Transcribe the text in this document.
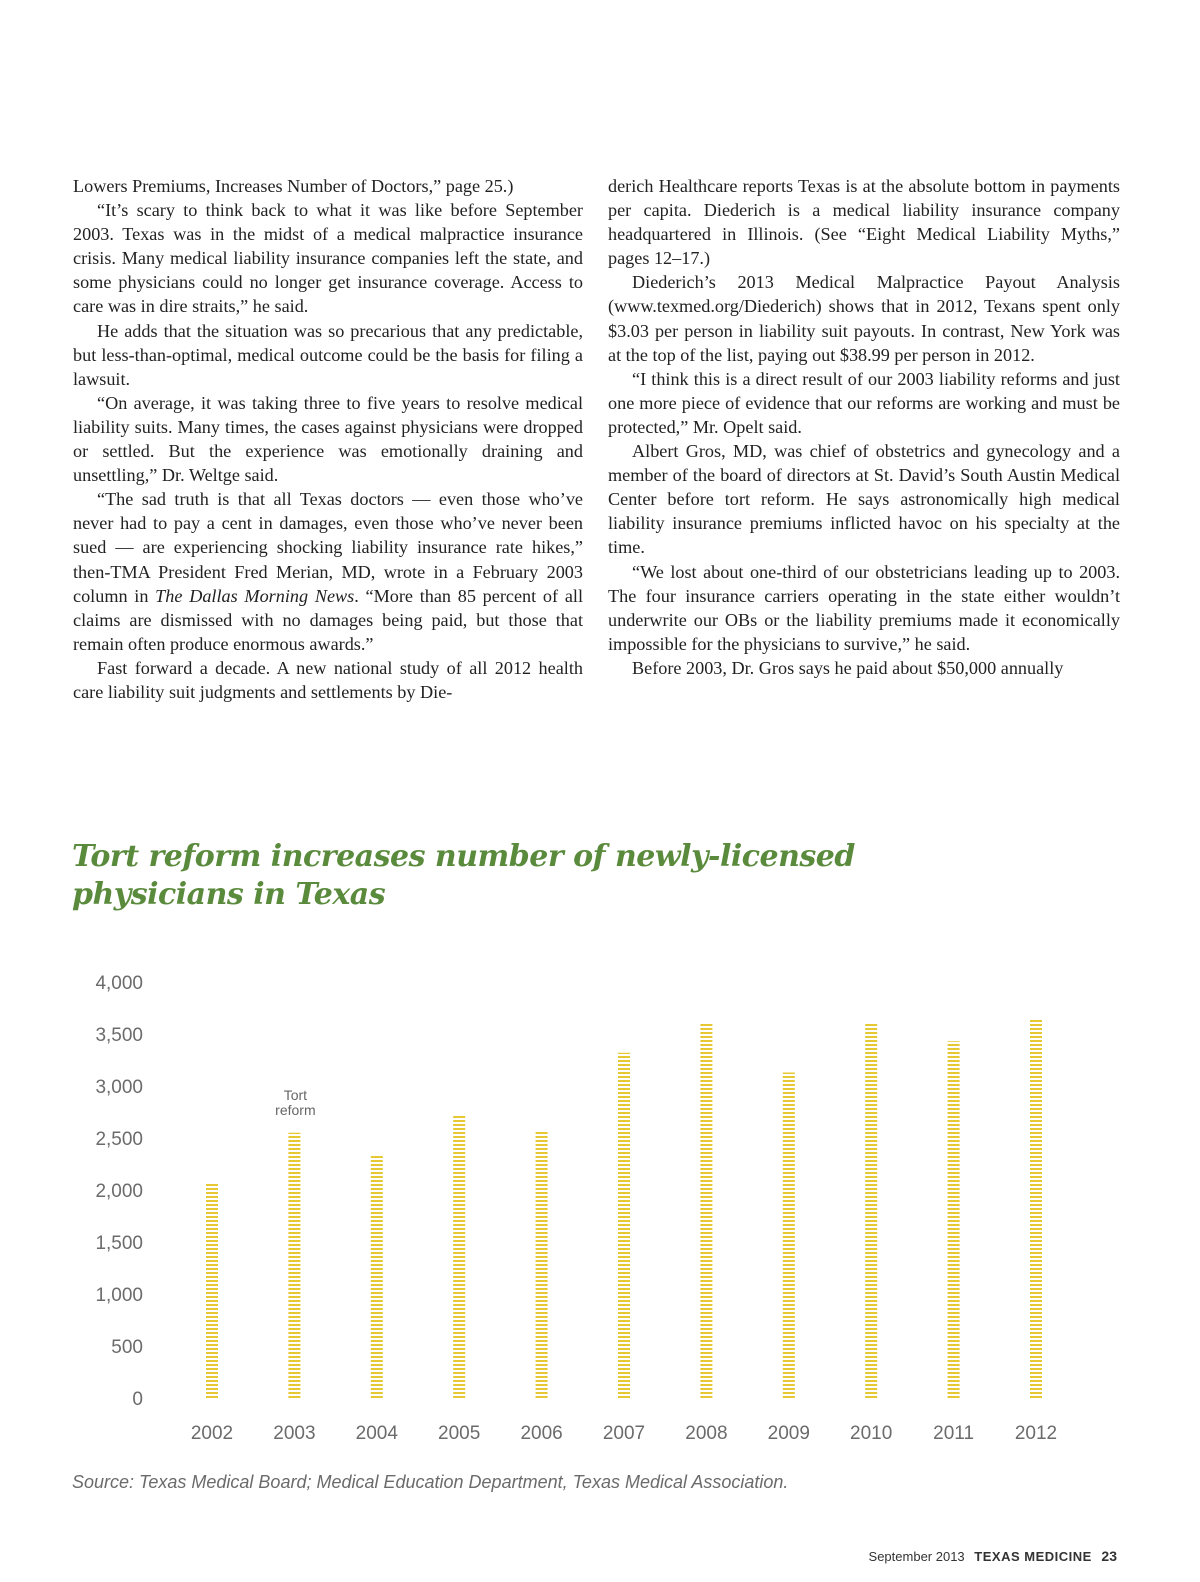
Lowers Premiums, Increases Number of Doctors,” page 25.)

“It’s scary to think back to what it was like before September 2003. Texas was in the midst of a medical malpractice insurance crisis. Many medical liability insurance companies left the state, and some physicians could no longer get insurance coverage. Access to care was in dire straits,” he said.

He adds that the situation was so precarious that any predictable, but less-than-optimal, medical outcome could be the basis for filing a lawsuit.

“On average, it was taking three to five years to resolve medical liability suits. Many times, the cases against physicians were dropped or settled. But the experience was emotionally draining and unsettling,” Dr. Weltge said.

“The sad truth is that all Texas doctors — even those who’ve never had to pay a cent in damages, even those who’ve never been sued — are experiencing shocking liability insurance rate hikes,” then-TMA President Fred Merian, MD, wrote in a February 2003 column in The Dallas Morning News. “More than 85 percent of all claims are dismissed with no damages being paid, but those that remain often produce enormous awards.”

Fast forward a decade. A new national study of all 2012 health care liability suit judgments and settlements by Die-

derich Healthcare reports Texas is at the absolute bottom in payments per capita. Diederich is a medical liability insurance company headquartered in Illinois. (See “Eight Medical Liability Myths,” pages 12–17.)

Diederich’s 2013 Medical Malpractice Payout Analysis (www.texmed.org/Diederich) shows that in 2012, Texans spent only $3.03 per person in liability suit payouts. In contrast, New York was at the top of the list, paying out $38.99 per person in 2012.

“I think this is a direct result of our 2003 liability reforms and just one more piece of evidence that our reforms are working and must be protected,” Mr. Opelt said.

Albert Gros, MD, was chief of obstetrics and gynecology and a member of the board of directors at St. David’s South Austin Medical Center before tort reform. He says astronomically high medical liability insurance premiums inflicted havoc on his specialty at the time.

“We lost about one-third of our obstetricians leading up to 2003. The four insurance carriers operating in the state either wouldn’t underwrite our OBs or the liability premiums made it economically impossible for the physicians to survive,” he said.

Before 2003, Dr. Gros says he paid about $50,000 annually

Tort reform increases number of newly-licensed physicians in Texas
0
500
1,000
1,500
2,000
2,500
3,000
3,500
4,000
2002 2003 2004 2005 2006 2007 2008 2009 2010 2011 2012
Tort
reform

Source: Texas Medical Board; Medical Education Department, Texas Medical Association.

September 2013 TEXAS MEDICINE 23
